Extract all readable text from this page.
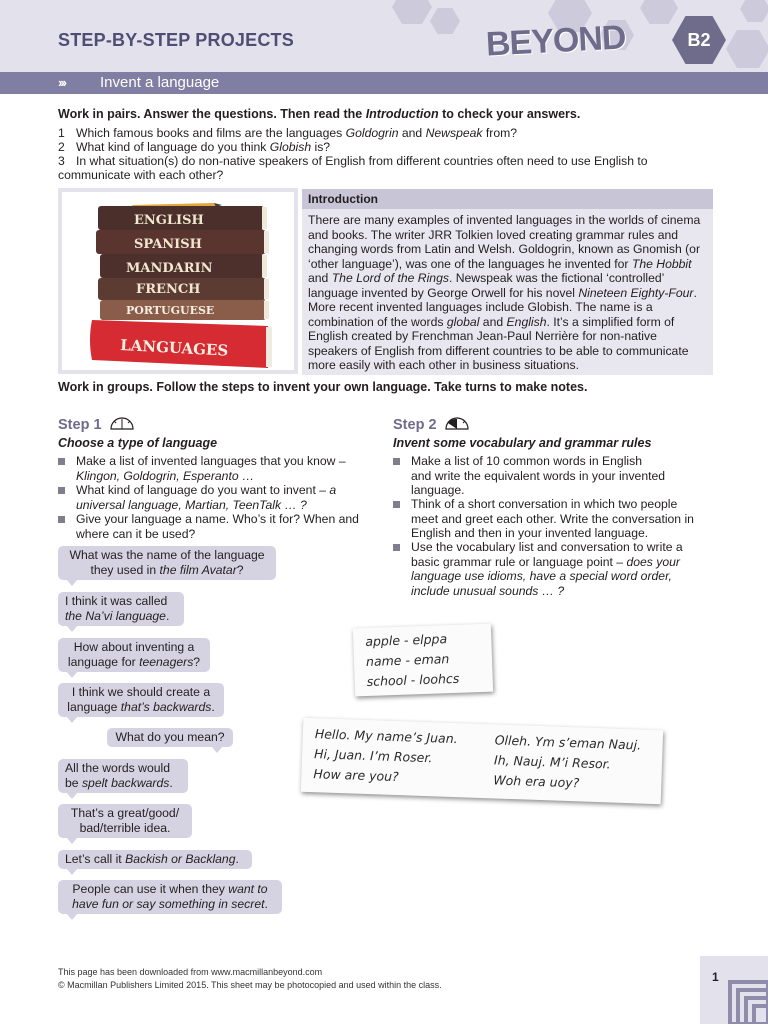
STEP-BY-STEP PROJECTS	BEYOND	B2
››› Invent a language
Work in pairs. Answer the questions. Then read the Introduction to check your answers.
1 Which famous books and films are the languages Goldogrin and Newspeak from?
2 What kind of language do you think Globish is?
3 In what situation(s) do non-native speakers of English from different countries often need to use English to
communicate with each other?
ENGLISH
SPANISH
MANDARIN
FRENCH
PORTUGUESE
LANGUAGES
Introduction
There are many examples of invented languages in the worlds of cinema and books. The writer JRR Tolkien loved creating grammar rules and changing words from Latin and Welsh. Goldogrin, known as Gnomish (or ‘other language’), was one of the languages he invented for The Hobbit and The Lord of the Rings. Newspeak was the fictional ‘controlled’ language invented by George Orwell for his novel Nineteen Eighty-Four. More recent invented languages include Globish. The name is a combination of the words global and English. It’s a simplified form of English created by Frenchman Jean-Paul Nerrière for non-native speakers of English from different countries to be able to communicate more easily with each other in business situations.
Work in groups. Follow the steps to invent your own language. Take turns to make notes.
Step 1
Choose a type of language
Make a list of invented languages that you know –
Klingon, Goldogrin, Esperanto …
What kind of language do you want to invent – a
universal language, Martian, TeenTalk … ?
Give your language a name. Who’s it for? When and
where can it be used?
Step 2
Invent some vocabulary and grammar rules
Make a list of 10 common words in English
and write the equivalent words in your invented
language.
Think of a short conversation in which two people
meet and greet each other. Write the conversation in
English and then in your invented language.
Use the vocabulary list and conversation to write a
basic grammar rule or language point – does your
language use idioms, have a special word order,
include unusual sounds … ?
What was the name of the language
they used in the film Avatar?
I think it was called
the Na’vi language.
How about inventing a
language for teenagers?
I think we should create a
language that’s backwards.
What do you mean?
All the words would
be spelt backwards.
That’s a great/good/
bad/terrible idea.
Let’s call it Backish or Backlang.
People can use it when they want to
have fun or say something in secret.
apple - elppa
name - eman
school - loohcs
Hello. My name’s Juan.
Hi, Juan. I’m Roser.
How are you?
Olleh. Ym s’eman Nauj.
Ih, Nauj. M’i Resor.
Woh era uoy?
This page has been downloaded from www.macmillanbeyond.com
© Macmillan Publishers Limited 2015. This sheet may be photocopied and used within the class.
1
